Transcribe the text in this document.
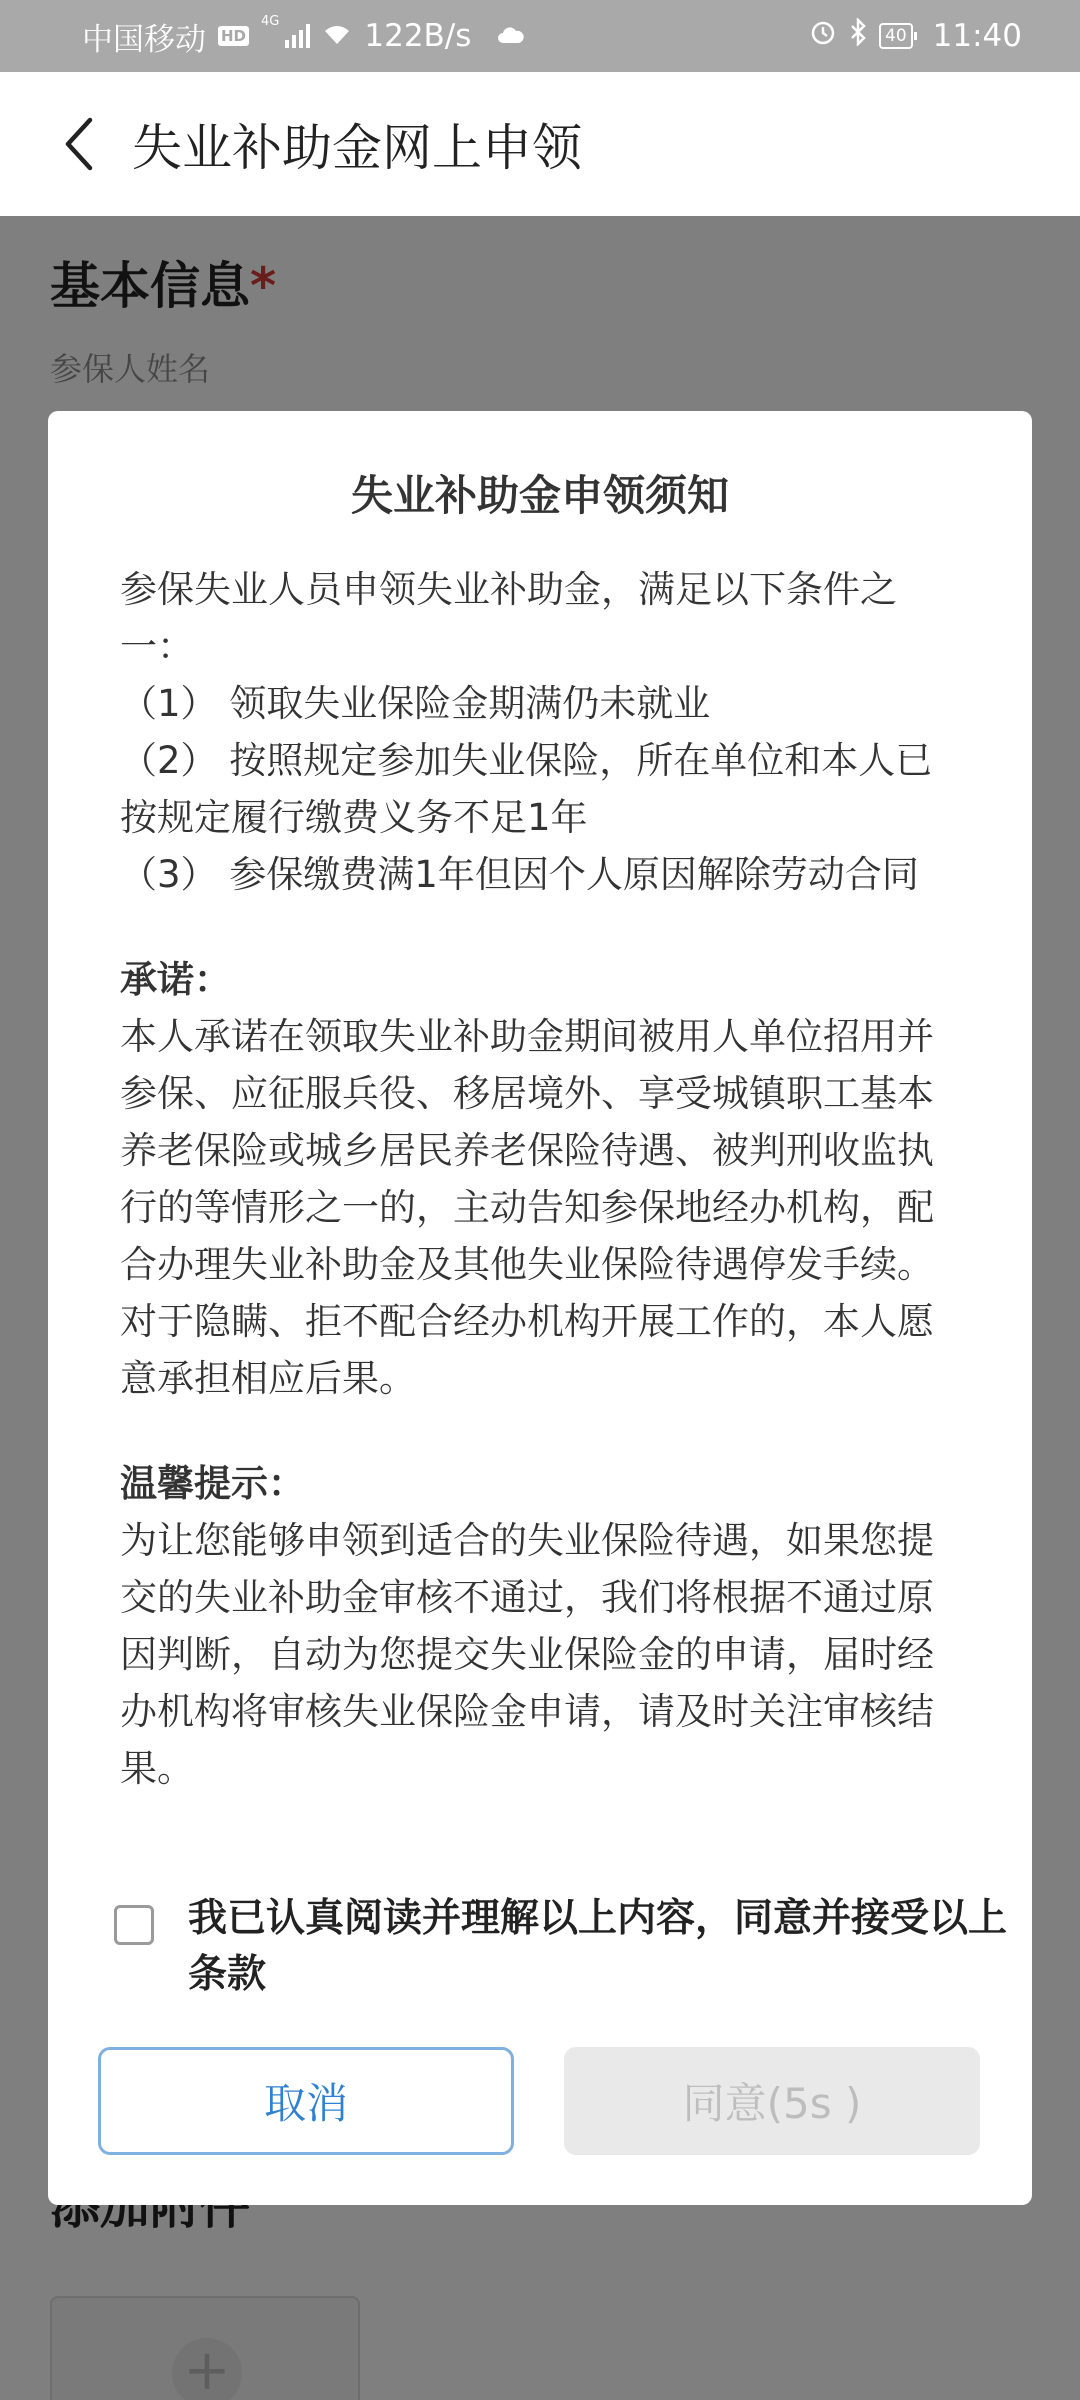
中国移动 HD
4G	122B/s	40 11:40
失业补助金网上申领
失业补助金申领须知

参保失业人员申领失业补助金，满足以下条件之一：

（1） 领取失业保险金期满仍未就业

（2） 按照规定参加失业保险，所在单位和本人已按规定履行缴费义务不足1年

（3） 参保缴费满1年但因个人原因解除劳动合同

承诺：

本人承诺在领取失业补助金期间被用人单位招用并参保、应征服兵役、移居境外、享受城镇职工基本养老保险或城乡居民养老保险待遇、被判刑收监执行的等情形之一的，主动告知参保地经办机构，配合办理失业补助金及其他失业保险待遇停发手续。对于隐瞒、拒不配合经办机构开展工作的，本人愿意承担相应后果。

温馨提示：

为让您能够申领到适合的失业保险待遇，如果您提交的失业补助金审核不通过，我们将根据不通过原因判断，自动为您提交失业保险金的申请，届时经办机构将审核失业保险金申请，请及时关注审核结果。

我已认真阅读并理解以上内容，同意并接受以上条款
取消	同意(5s )
